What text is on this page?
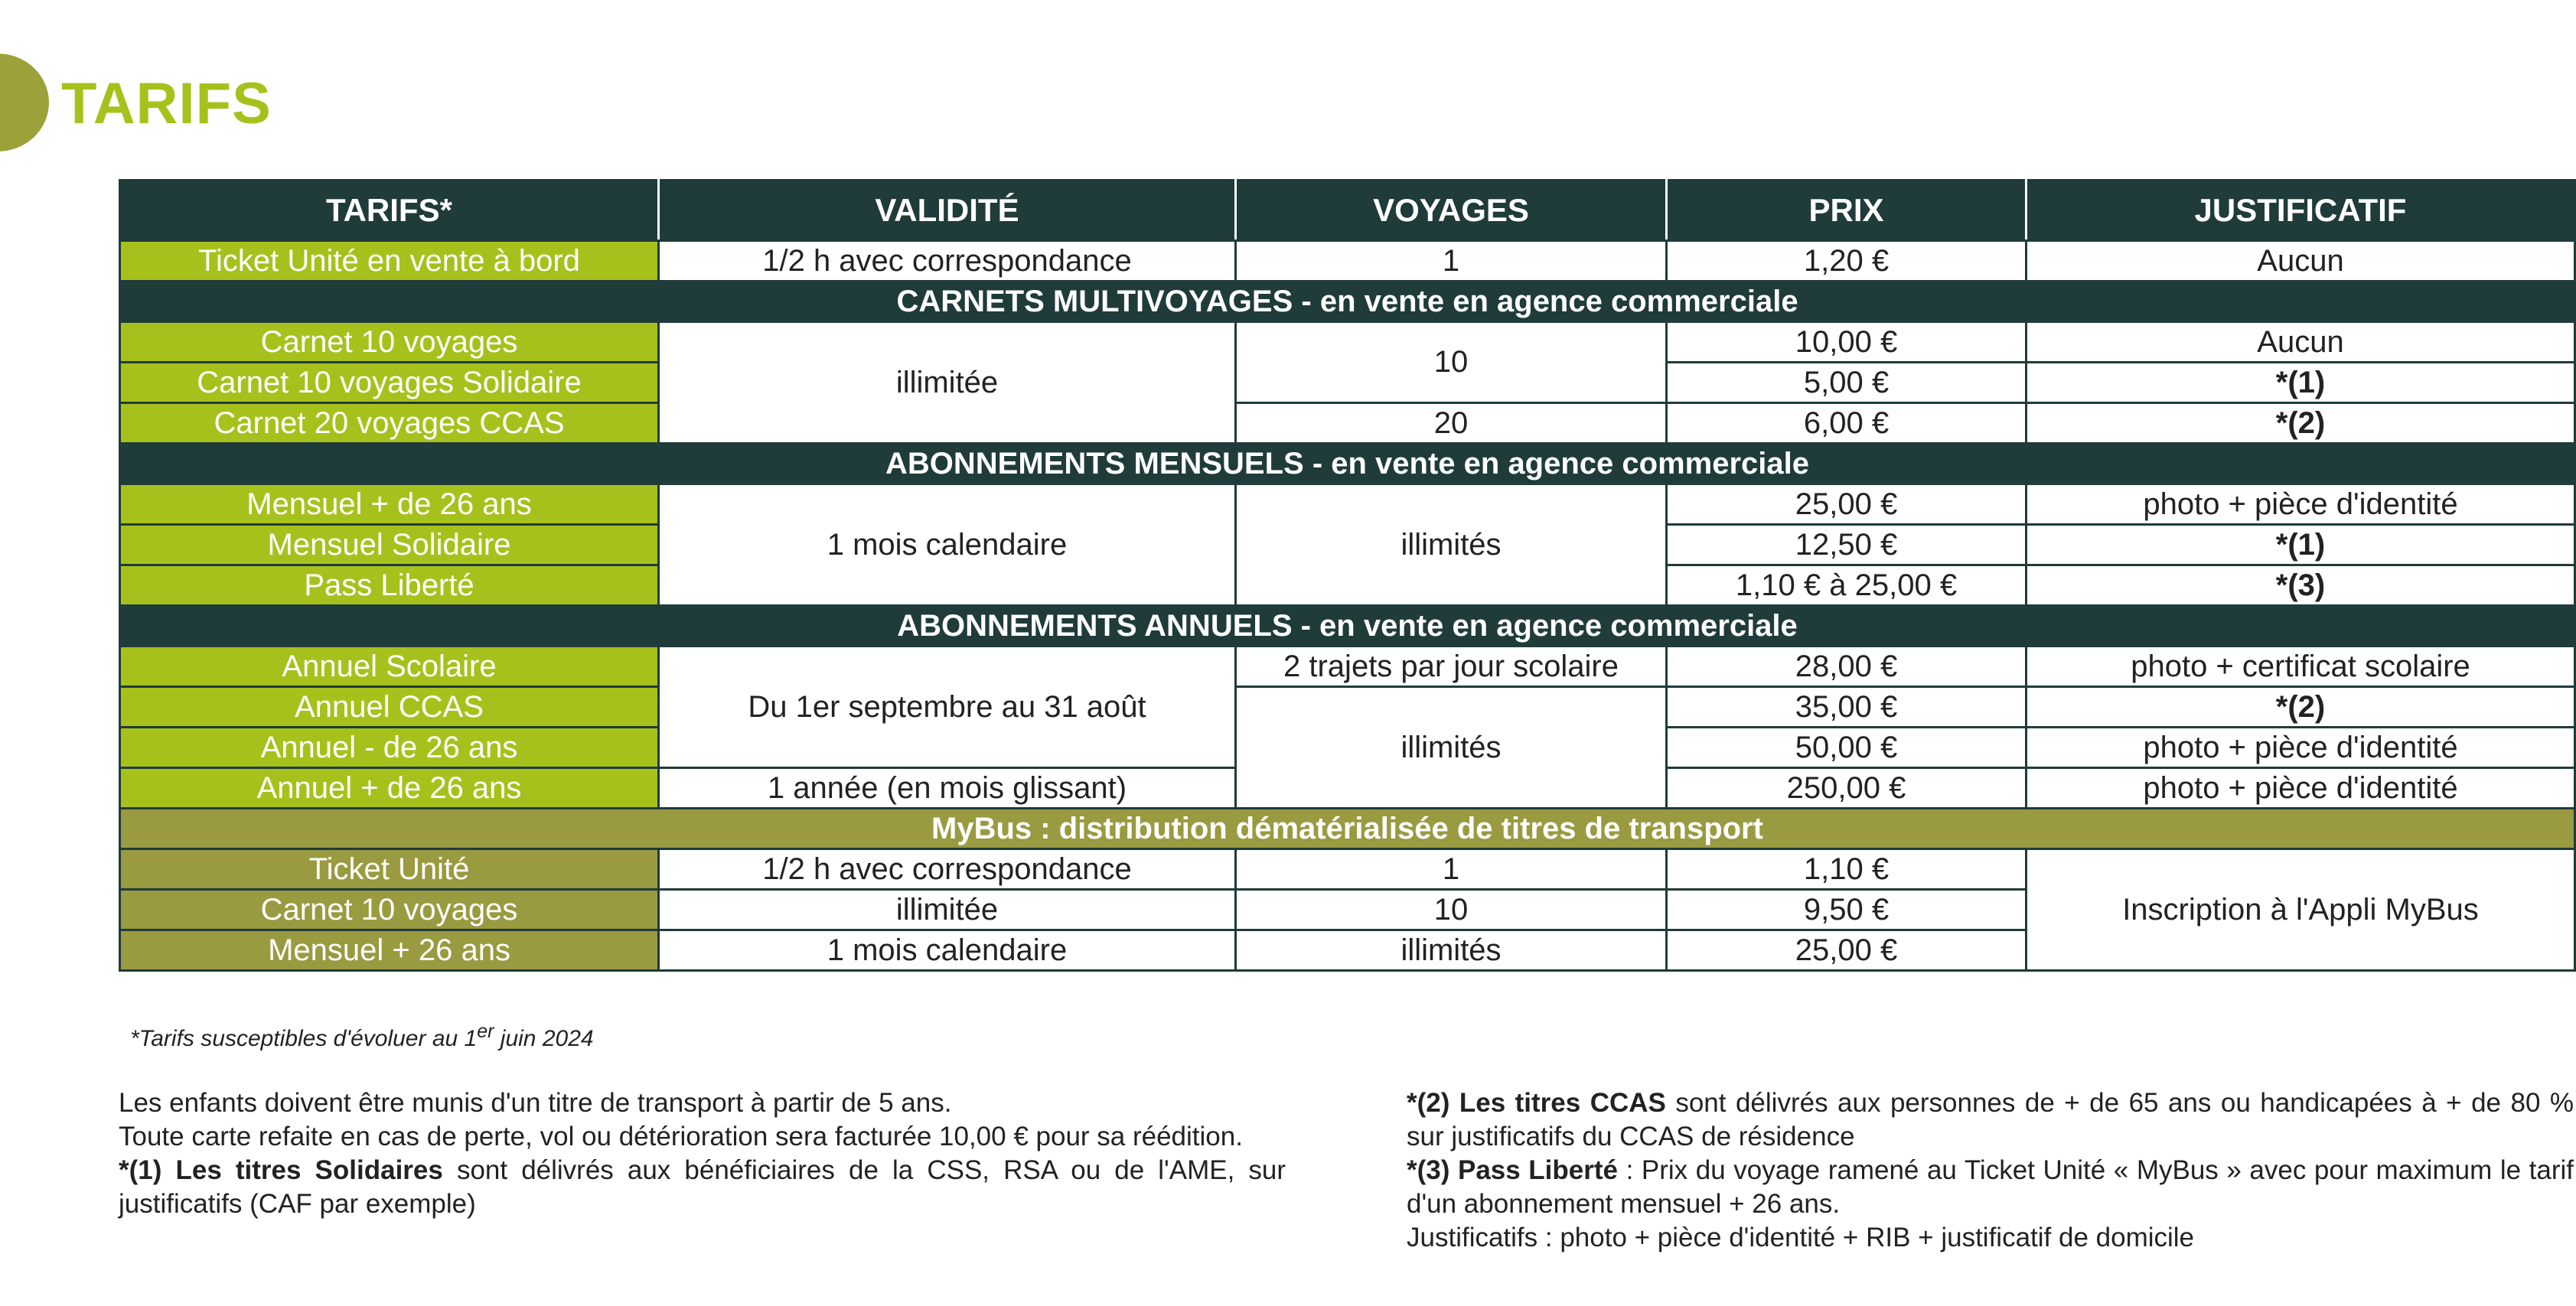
TARIFS
TARIFS*	VALIDITÉ	VOYAGES	PRIX	JUSTIFICATIF
Ticket Unité en vente à bord	1/2 h avec correspondance	1	1,20 €	Aucun
CARNETS MULTIVOYAGES - en vente en agence commerciale				
Carnet 10 voyages	illimitée	10	10,00 €	Aucun
Carnet 10 voyages Solidaire			5,00 €	*(1)
Carnet 20 voyages CCAS		20	6,00 €	*(2)
ABONNEMENTS MENSUELS - en vente en agence commerciale				
Mensuel + de 26 ans	1 mois calendaire	illimités	25,00 €	photo + pièce d'identité
Mensuel Solidaire			12,50 €	*(1)
Pass Liberté			1,10 € à 25,00 €	*(3)
ABONNEMENTS ANNUELS - en vente en agence commerciale				
Annuel Scolaire	Du 1er septembre au 31 août	2 trajets par jour scolaire	28,00 €	photo + certificat scolaire
Annuel CCAS		illimités	35,00 €	*(2)
Annuel - de 26 ans			50,00 €	photo + pièce d'identité
Annuel + de 26 ans	1 année (en mois glissant)		250,00 €	photo + pièce d'identité
MyBus : distribution dématérialisée de titres de transport				
Ticket Unité	1/2 h avec correspondance	1	1,10 €	Inscription à l'Appli MyBus
Carnet 10 voyages	illimitée	10	9,50 €	
Mensuel + 26 ans	1 mois calendaire	illimités	25,00 €	

*Tarifs susceptibles d'évoluer au 1er juin 2024

Les enfants doivent être munis d'un titre de transport à partir de 5 ans.

Toute carte refaite en cas de perte, vol ou détérioration sera facturée 10,00 € pour sa réédition.

*(1) Les titres Solidaires sont délivrés aux bénéficiaires de la CSS, RSA ou de l'AME, sur justificatifs (CAF par exemple)

*(2) Les titres CCAS sont délivrés aux personnes de + de 65 ans ou handicapées à + de 80 % sur justificatifs du CCAS de résidence

*(3) Pass Liberté : Prix du voyage ramené au Ticket Unité « MyBus » avec pour maximum le tarif d'un abonnement mensuel + 26 ans.

Justificatifs : photo + pièce d'identité + RIB + justificatif de domicile
